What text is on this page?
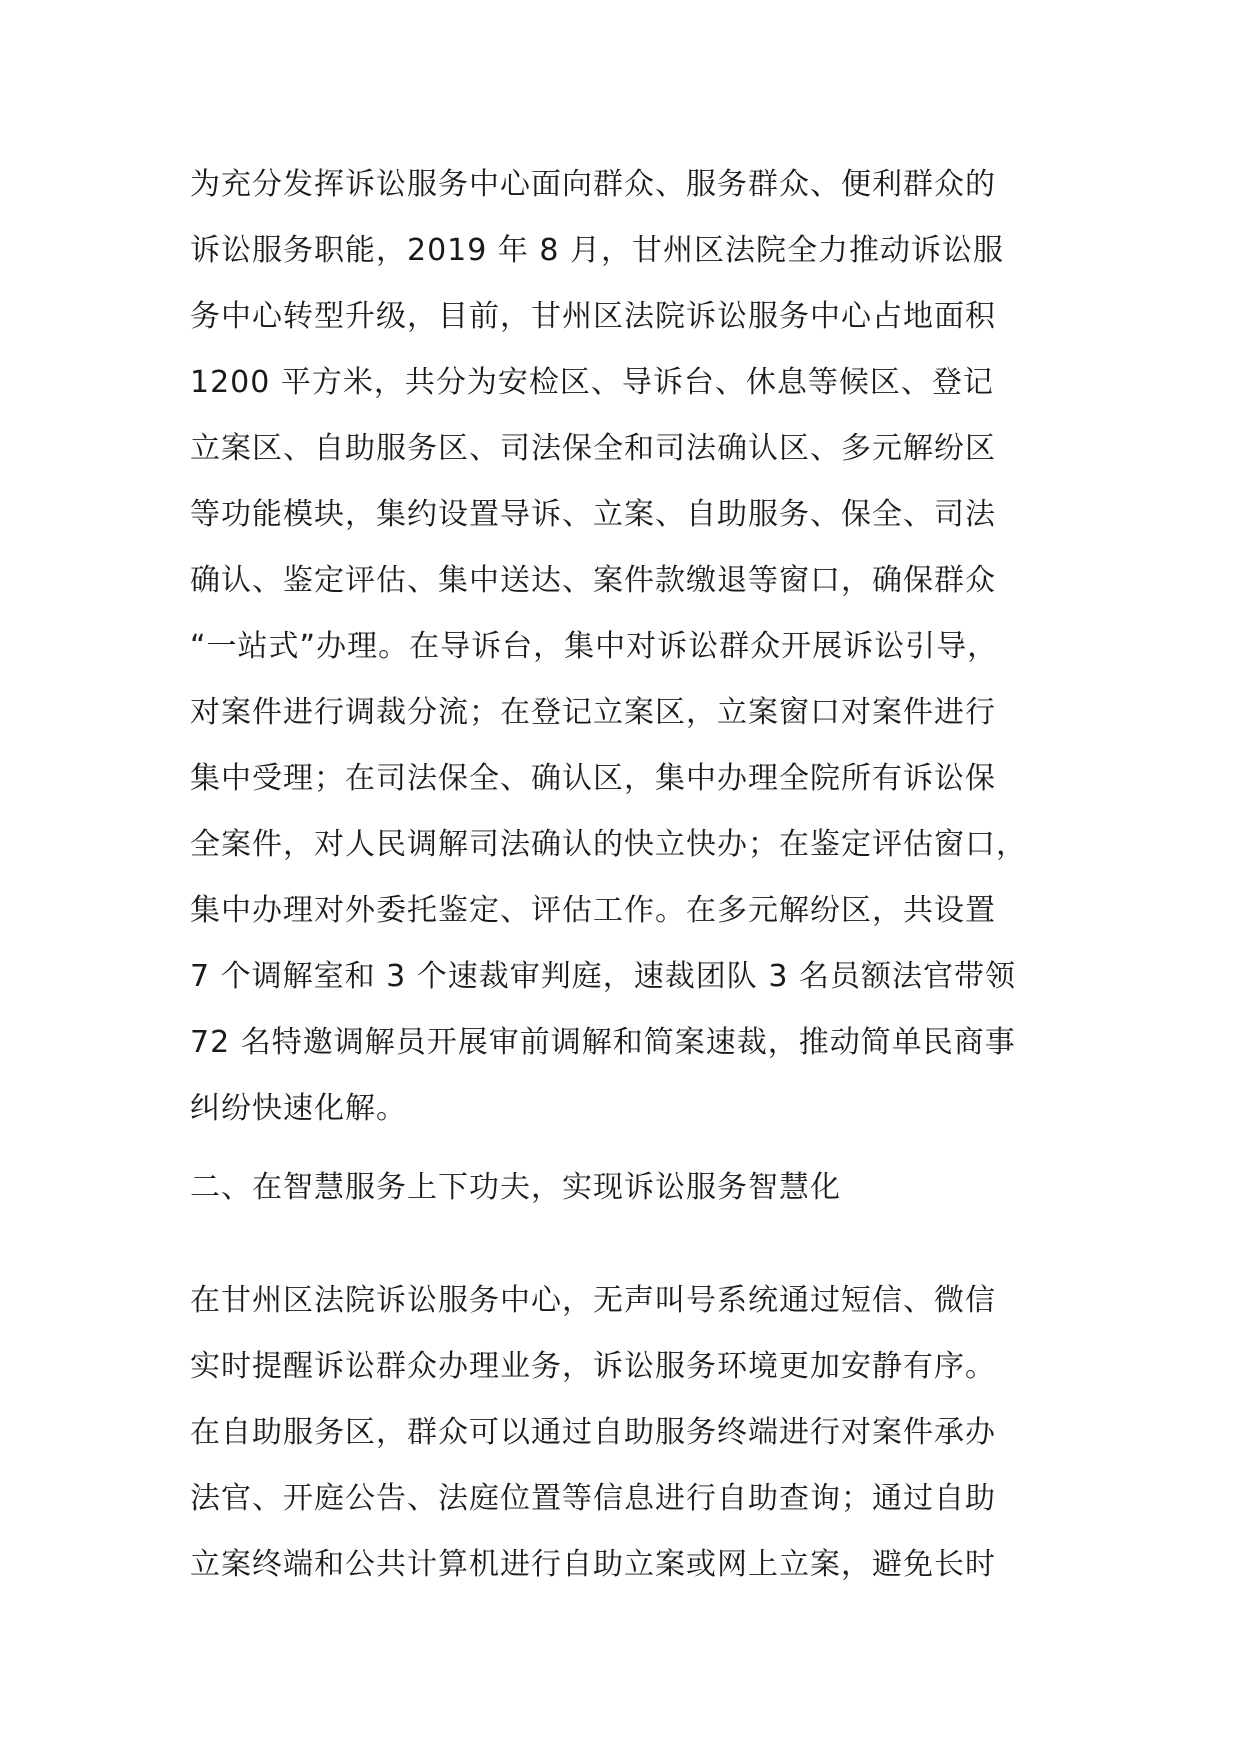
为充分发挥诉讼服务中心面向群众、服务群众、便利群众的
诉讼服务职能，2019 年 8 月，甘州区法院全力推动诉讼服
务中心转型升级，目前，甘州区法院诉讼服务中心占地面积
1200 平方米，共分为安检区、导诉台、休息等候区、登记
立案区、自助服务区、司法保全和司法确认区、多元解纷区
等功能模块，集约设置导诉、立案、自助服务、保全、司法
确认、鉴定评估、集中送达、案件款缴退等窗口，确保群众
“一站式”办理。在导诉台，集中对诉讼群众开展诉讼引导，
对案件进行调裁分流；在登记立案区，立案窗口对案件进行
集中受理；在司法保全、确认区，集中办理全院所有诉讼保
全案件，对人民调解司法确认的快立快办；在鉴定评估窗口，
集中办理对外委托鉴定、评估工作。在多元解纷区，共设置
7 个调解室和 3 个速裁审判庭，速裁团队 3 名员额法官带领
72 名特邀调解员开展审前调解和简案速裁，推动简单民商事
纠纷快速化解。
二、在智慧服务上下功夫，实现诉讼服务智慧化
在甘州区法院诉讼服务中心，无声叫号系统通过短信、微信
实时提醒诉讼群众办理业务，诉讼服务环境更加安静有序。
在自助服务区，群众可以通过自助服务终端进行对案件承办
法官、开庭公告、法庭位置等信息进行自助查询；通过自助
立案终端和公共计算机进行自助立案或网上立案，避免长时
